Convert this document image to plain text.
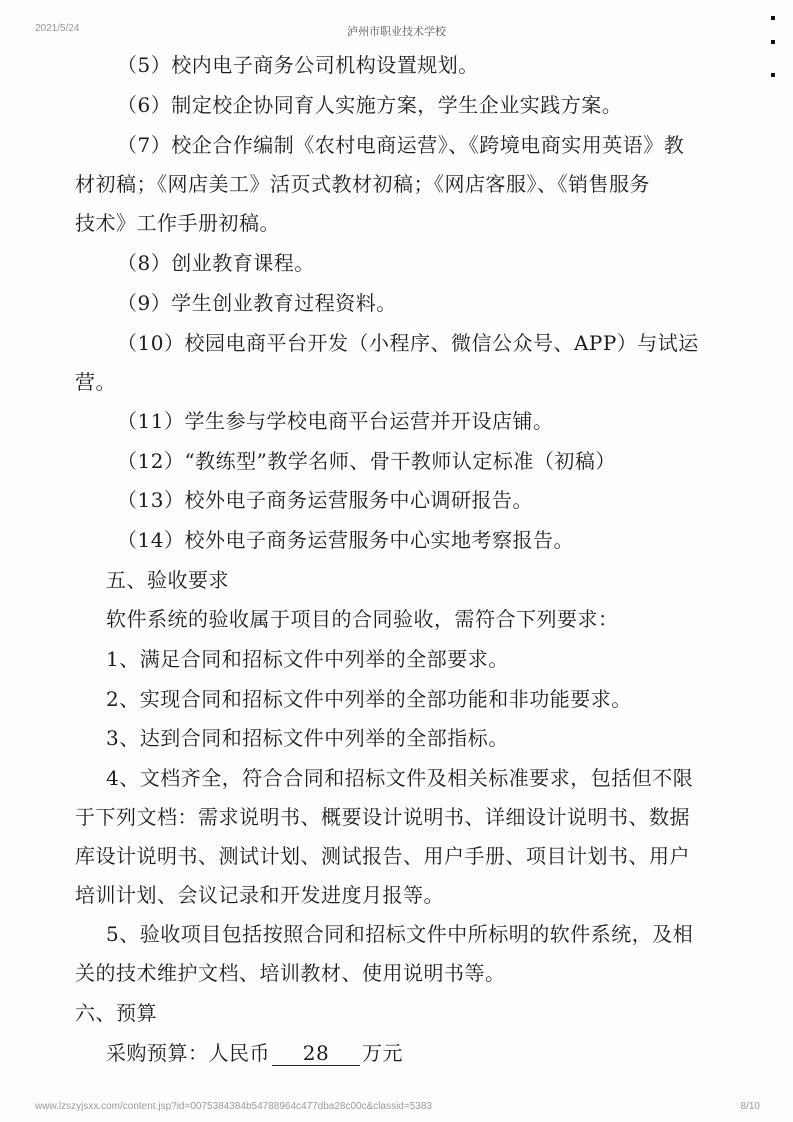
2021/5/24	泸州市职业技术学校
（5）校内电子商务公司机构设置规划。
（6）制定校企协同育人实施方案，学生企业实践方案。
（7）校企合作编制《农村电商运营》、《跨境电商实用英语》教
材初稿；《网店美工》活页式教材初稿；《网店客服》、《销售服务
技术》工作手册初稿。
（8）创业教育课程。
（9）学生创业教育过程资料。
（10）校园电商平台开发（小程序、微信公众号、APP）与试运
营。
（11）学生参与学校电商平台运营并开设店铺。
（12）“教练型”教学名师、骨干教师认定标准（初稿）
（13）校外电子商务运营服务中心调研报告。
（14）校外电子商务运营服务中心实地考察报告。
五、验收要求
软件系统的验收属于项目的合同验收，需符合下列要求：
1、满足合同和招标文件中列举的全部要求。
2、实现合同和招标文件中列举的全部功能和非功能要求。
3、达到合同和招标文件中列举的全部指标。
4、文档齐全，符合合同和招标文件及相关标准要求，包括但不限
于下列文档：需求说明书、概要设计说明书、详细设计说明书、数据
库设计说明书、测试计划、测试报告、用户手册、项目计划书、用户
培训计划、会议记录和开发进度月报等。
5、验收项目包括按照合同和招标文件中所标明的软件系统，及相
关的技术维护文档、培训教材、使用说明书等。
六、预算
采购预算：人民币 28 万元
www.lzszyjsxx.com/content.jsp?id=0075384384b54788964c477dba28c00c&classid=5383	8/10
